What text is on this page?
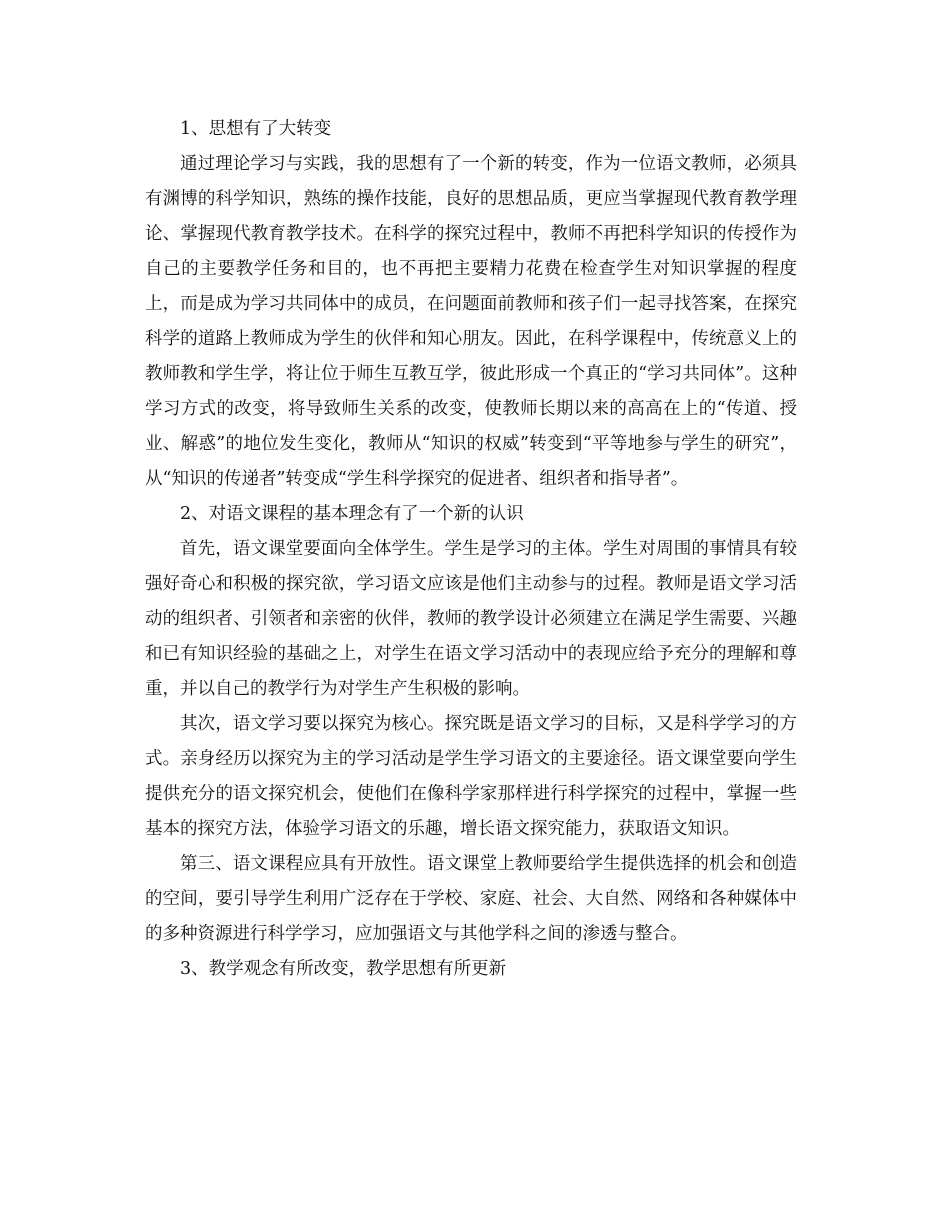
1、思想有了大转变

通过理论学习与实践，我的思想有了一个新的转变，作为一位语文教师，必须具有渊博的科学知识，熟练的操作技能，良好的思想品质，更应当掌握现代教育教学理论、掌握现代教育教学技术。在科学的探究过程中，教师不再把科学知识的传授作为自己的主要教学任务和目的，也不再把主要精力花费在检查学生对知识掌握的程度上，而是成为学习共同体中的成员，在问题面前教师和孩子们一起寻找答案，在探究科学的道路上教师成为学生的伙伴和知心朋友。因此，在科学课程中，传统意义上的教师教和学生学，将让位于师生互教互学，彼此形成一个真正的“学习共同体”。这种学习方式的改变，将导致师生关系的改变，使教师长期以来的高高在上的“传道、授业、解惑”的地位发生变化，教师从“知识的权威”转变到“平等地参与学生的研究”，从“知识的传递者”转变成“学生科学探究的促进者、组织者和指导者”。

2、对语文课程的基本理念有了一个新的认识

首先，语文课堂要面向全体学生。学生是学习的主体。学生对周围的事情具有较强好奇心和积极的探究欲，学习语文应该是他们主动参与的过程。教师是语文学习活动的组织者、引领者和亲密的伙伴，教师的教学设计必须建立在满足学生需要、兴趣和已有知识经验的基础之上，对学生在语文学习活动中的表现应给予充分的理解和尊重，并以自己的教学行为对学生产生积极的影响。

其次，语文学习要以探究为核心。探究既是语文学习的目标，又是科学学习的方式。亲身经历以探究为主的学习活动是学生学习语文的主要途径。语文课堂要向学生提供充分的语文探究机会，使他们在像科学家那样进行科学探究的过程中，掌握一些基本的探究方法，体验学习语文的乐趣，增长语文探究能力，获取语文知识。

第三、语文课程应具有开放性。语文课堂上教师要给学生提供选择的机会和创造的空间，要引导学生利用广泛存在于学校、家庭、社会、大自然、网络和各种媒体中的多种资源进行科学学习，应加强语文与其他学科之间的渗透与整合。

3、教学观念有所改变，教学思想有所更新
